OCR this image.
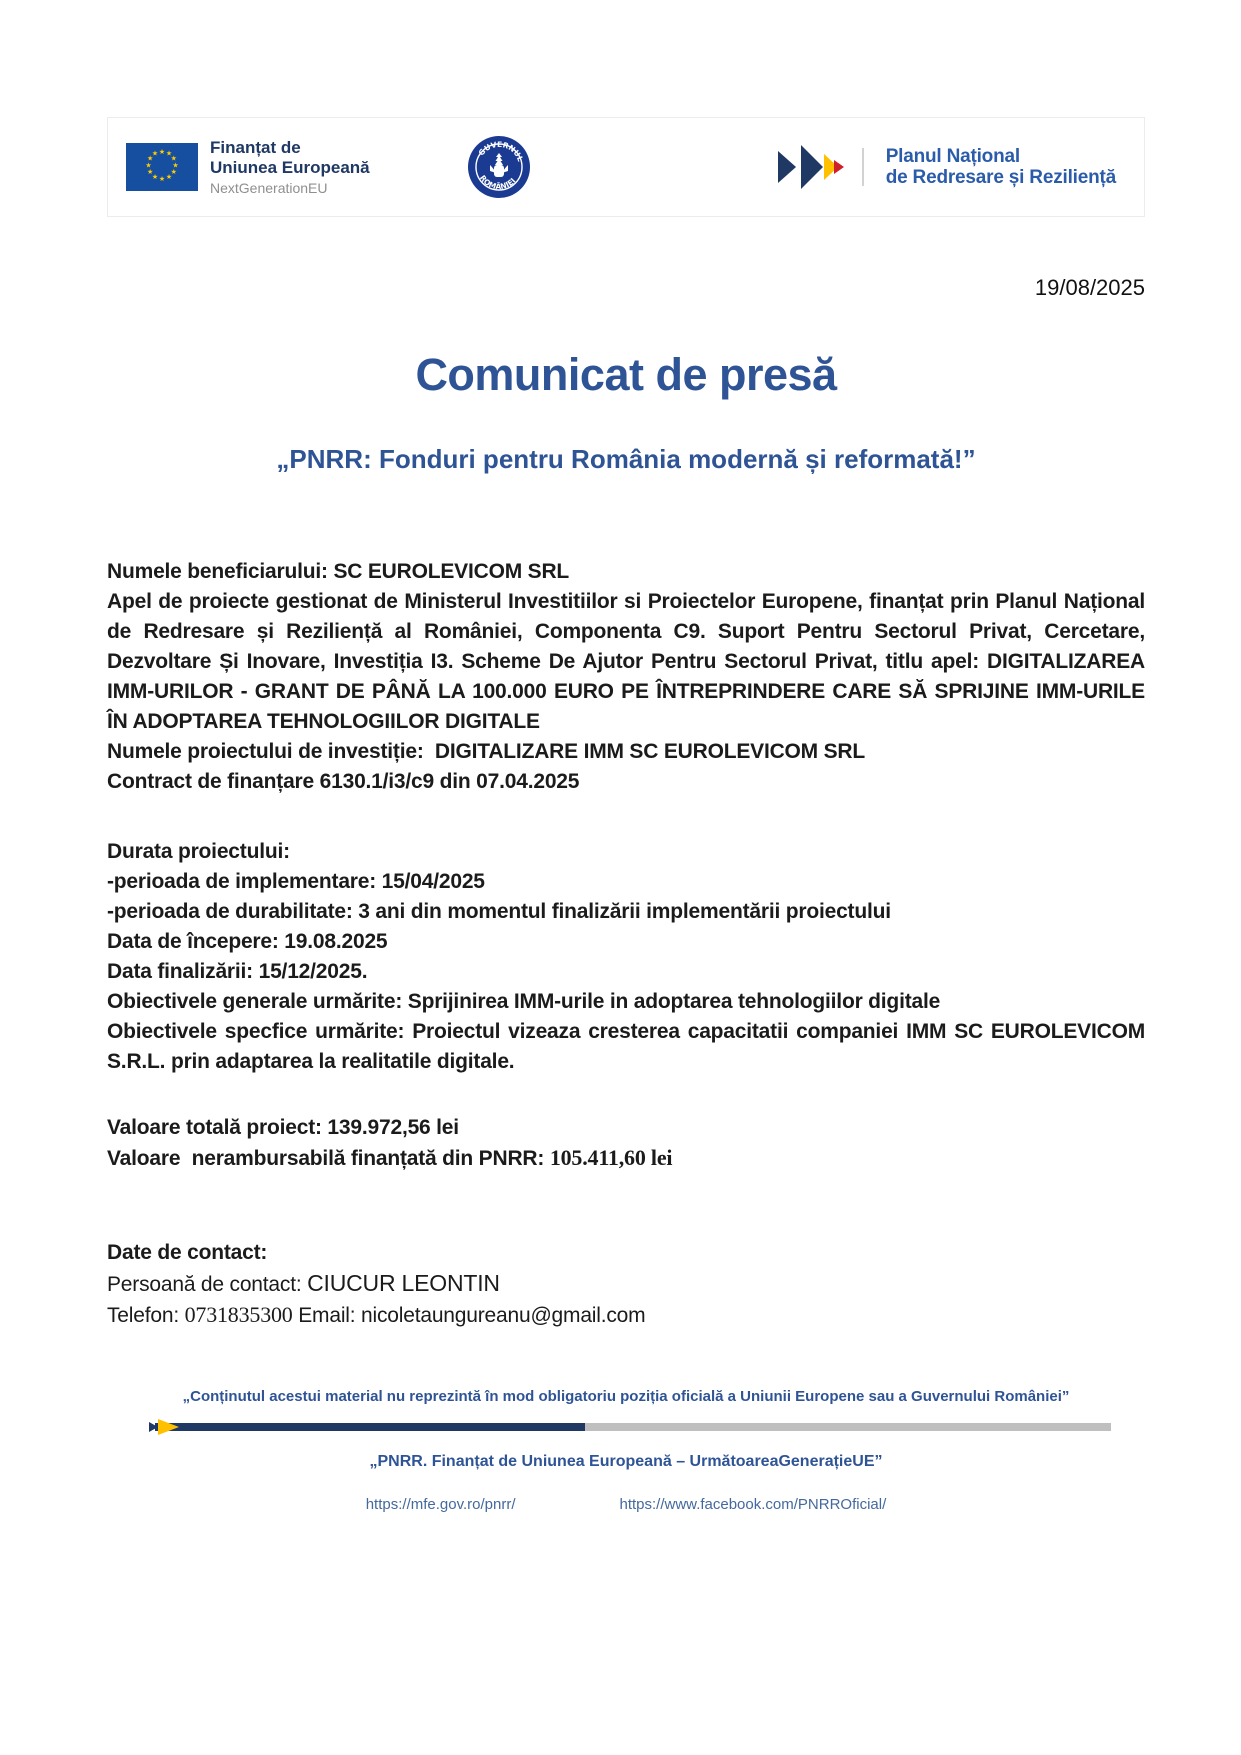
★ ★
★
★
★
★
★
★
★
★
★
★	Finanțat de
Uniunea Europeană
NextGenerationEU
GUVERNUL
ROMÂNIEI
Planul Național
de Redresare și Reziliență
19/08/2025
Comunicat de presă
„PNRR: Fonduri pentru România modernă și reformată!”

Numele beneficiarului: SC EUROLEVICOM SRL

Apel de proiecte gestionat de Ministerul Investitiilor si Proiectelor Europene, finanțat prin Planul Național de Redresare și Reziliență al României, Componenta C9. Suport Pentru Sectorul Privat, Cercetare, Dezvoltare Și Inovare, Investiția I3. Scheme De Ajutor Pentru Sectorul Privat, titlu apel: DIGITALIZAREA IMM-URILOR - GRANT DE PÂNĂ LA 100.000 EURO PE ÎNTREPRINDERE CARE SĂ SPRIJINE IMM-URILE ÎN ADOPTAREA TEHNOLOGIILOR DIGITALE

Numele proiectului de investiție:  DIGITALIZARE IMM SC EUROLEVICOM SRL

Contract de finanțare 6130.1/i3/c9 din 07.04.2025

Durata proiectului:

-perioada de implementare: 15/04/2025

-perioada de durabilitate: 3 ani din momentul finalizării implementării proiectului

Data de începere: 19.08.2025

Data finalizării: 15/12/2025.

Obiectivele generale urmărite: Sprijinirea IMM-urile in adoptarea tehnologiilor digitale

Obiectivele specfice urmărite: Proiectul vizeaza cresterea capacitatii companiei IMM SC EUROLEVICOM S.R.L. prin adaptarea la realitatile digitale.

Valoare totală proiect: 139.972,56 lei

Valoare  nerambursabilă finanțată din PNRR: 105.411,60 lei

Date de contact:

Persoană de contact: CIUCUR LEONTIN

Telefon: 0731835300 Email: nicoletaungureanu@gmail.com

„Conținutul acestui material nu reprezintă în mod obligatoriu poziția oficială a Uniunii Europene sau a Guvernului României”
„PNRR. Finanțat de Uniunea Europeană – UrmătoareaGenerațieUE”
https://mfe.gov.ro/pnrr/	https://www.facebook.com/PNRROficial/
